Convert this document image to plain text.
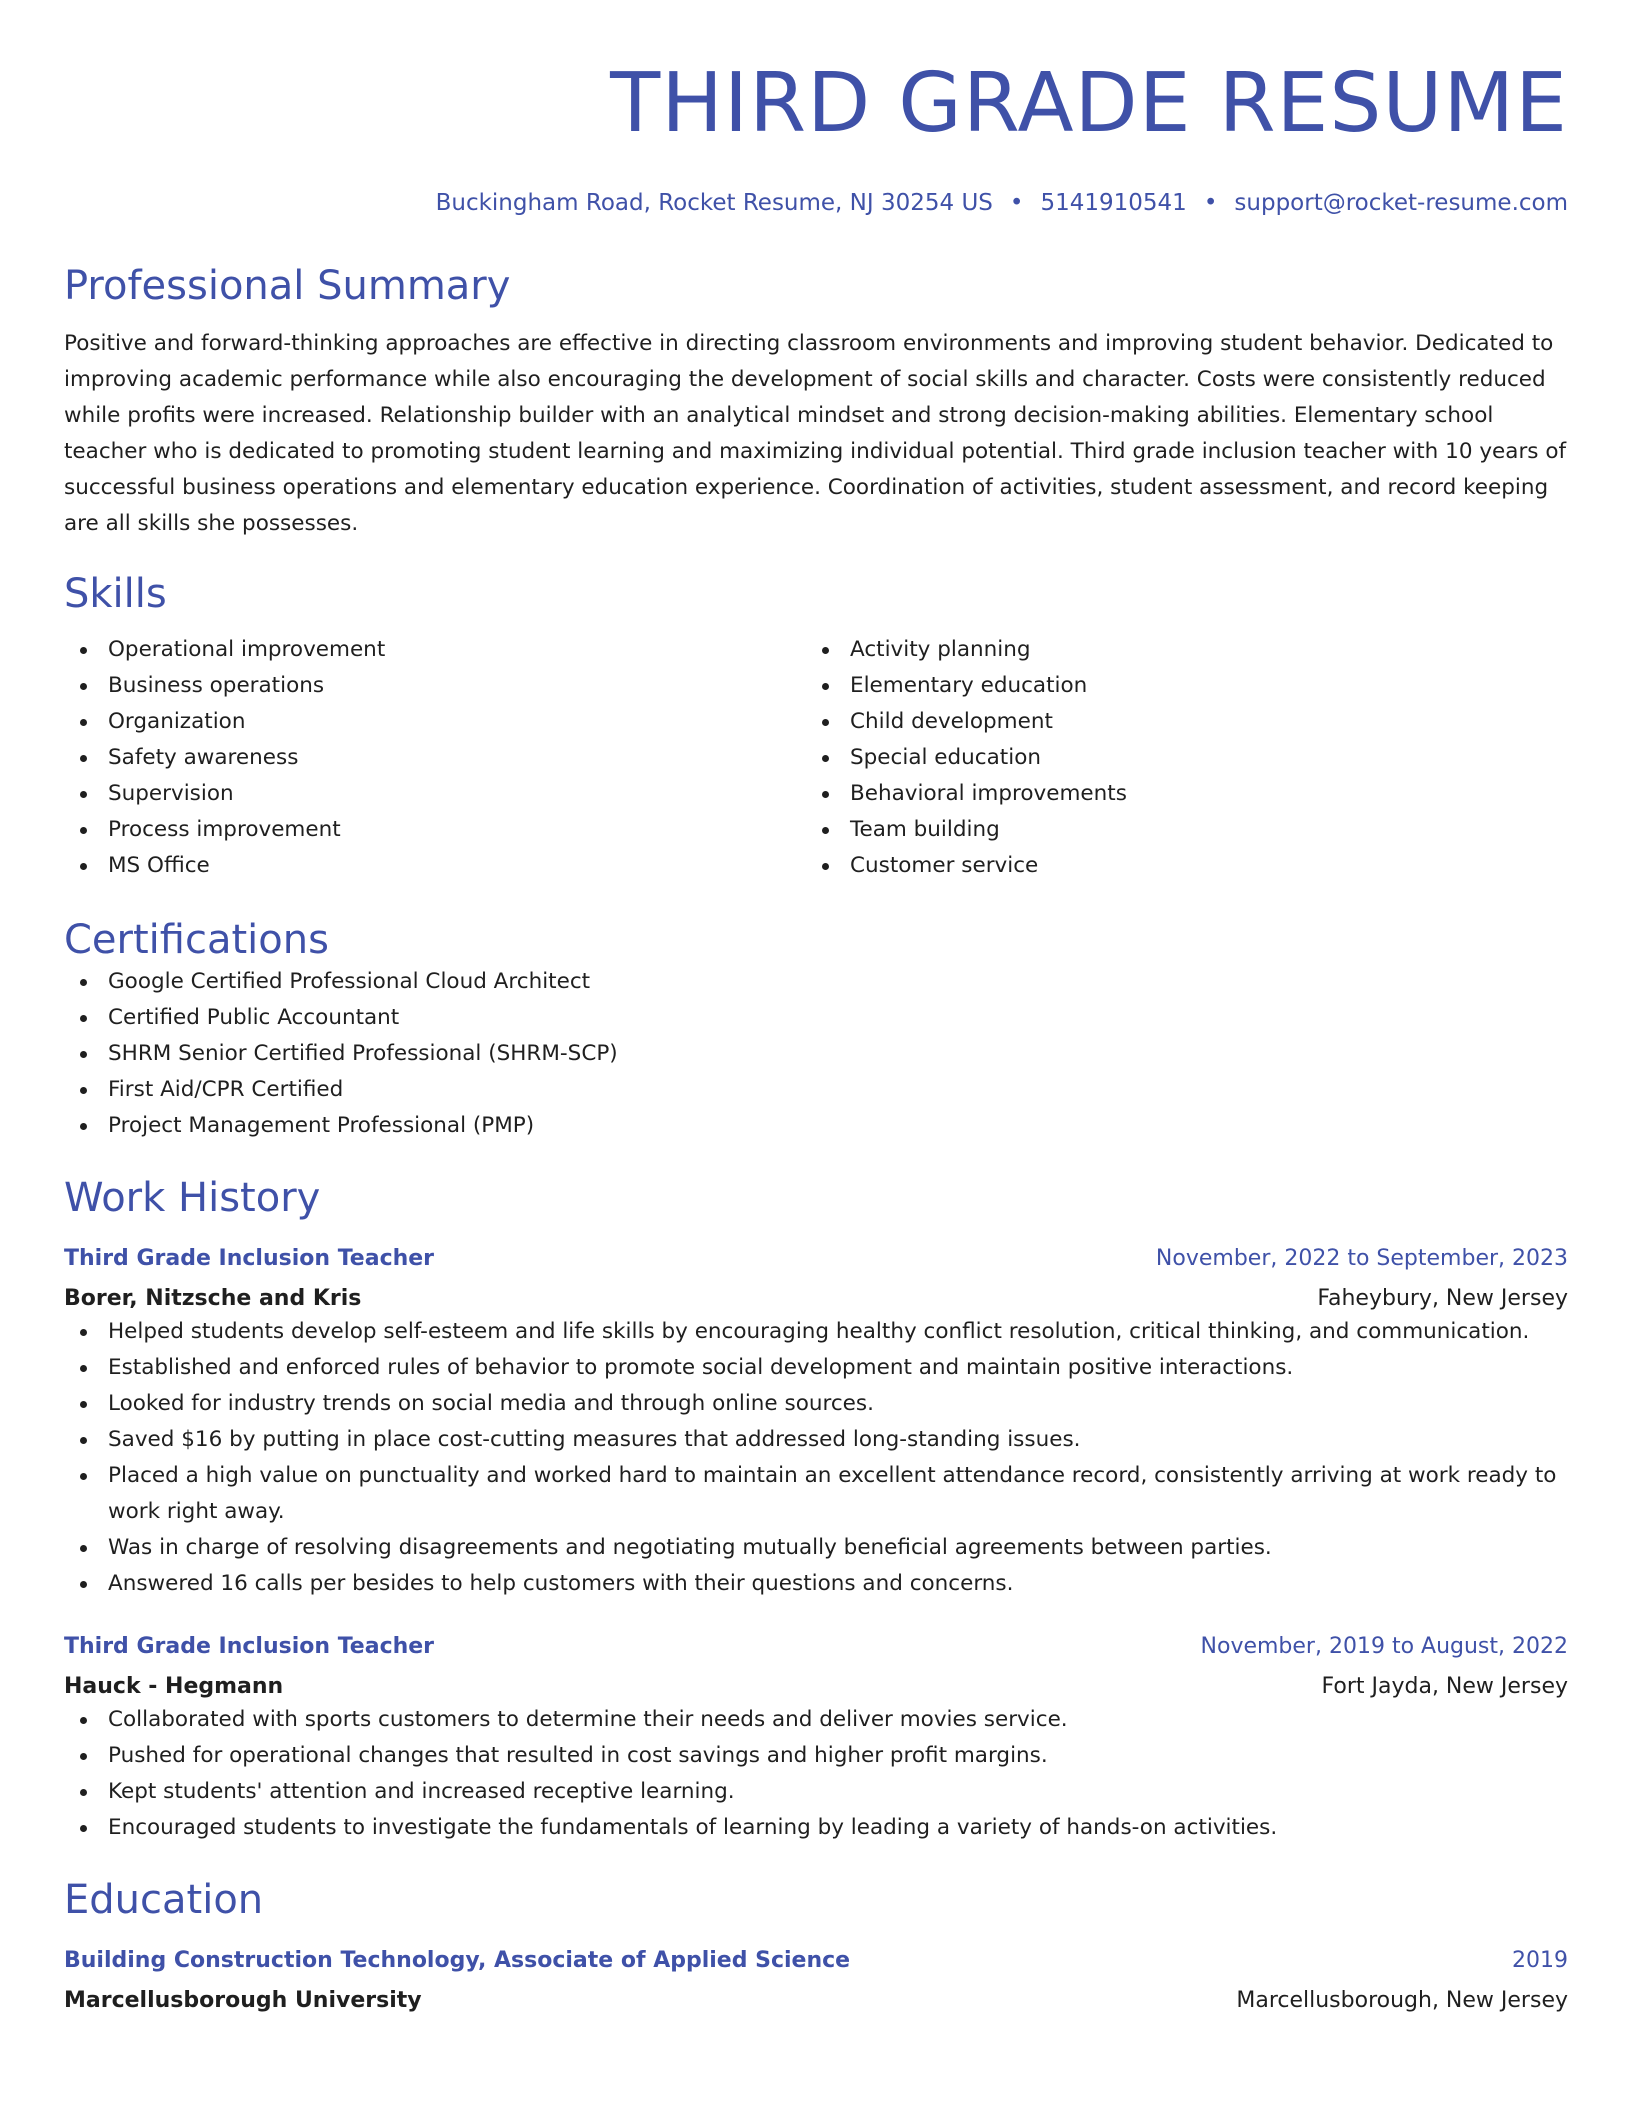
THIRD GRADE RESUME
Buckingham Road, Rocket Resume, NJ 30254 US • 5141910541 • support@rocket-resume.com
Professional Summary

Positive and forward-thinking approaches are effective in directing classroom environments and improving student behavior. Dedicated to improving academic performance while also encouraging the development of social skills and character. Costs were consistently reduced while profits were increased. Relationship builder with an analytical mindset and strong decision-making abilities. Elementary school teacher who is dedicated to promoting student learning and maximizing individual potential. Third grade inclusion teacher with 10 years of successful business operations and elementary education experience. Coordination of activities, student assessment, and record keeping are all skills she possesses.

Skills
Operational improvement
Business operations
Organization
Safety awareness
Supervision
Process improvement
MS Office
Activity planning
Elementary education
Child development
Special education
Behavioral improvements
Team building
Customer service
Certifications
Google Certified Professional Cloud Architect
Certified Public Accountant
SHRM Senior Certified Professional (SHRM-SCP)
First Aid/CPR Certified
Project Management Professional (PMP)
Work History
Third Grade Inclusion Teacher	November, 2022 to September, 2023
Borer, Nitzsche and Kris	Faheybury, New Jersey
Helped students develop self-esteem and life skills by encouraging healthy conflict resolution, critical thinking, and communication.
Established and enforced rules of behavior to promote social development and maintain positive interactions.
Looked for industry trends on social media and through online sources.
Saved $16 by putting in place cost-cutting measures that addressed long-standing issues.
Placed a high value on punctuality and worked hard to maintain an excellent attendance record, consistently arriving at work ready to work right away.
Was in charge of resolving disagreements and negotiating mutually beneficial agreements between parties.
Answered 16 calls per besides to help customers with their questions and concerns.
Third Grade Inclusion Teacher	November, 2019 to August, 2022
Hauck - Hegmann	Fort Jayda, New Jersey
Collaborated with sports customers to determine their needs and deliver movies service.
Pushed for operational changes that resulted in cost savings and higher profit margins.
Kept students' attention and increased receptive learning.
Encouraged students to investigate the fundamentals of learning by leading a variety of hands-on activities.
Education
Building Construction Technology, Associate of Applied Science	2019
Marcellusborough University	Marcellusborough, New Jersey
